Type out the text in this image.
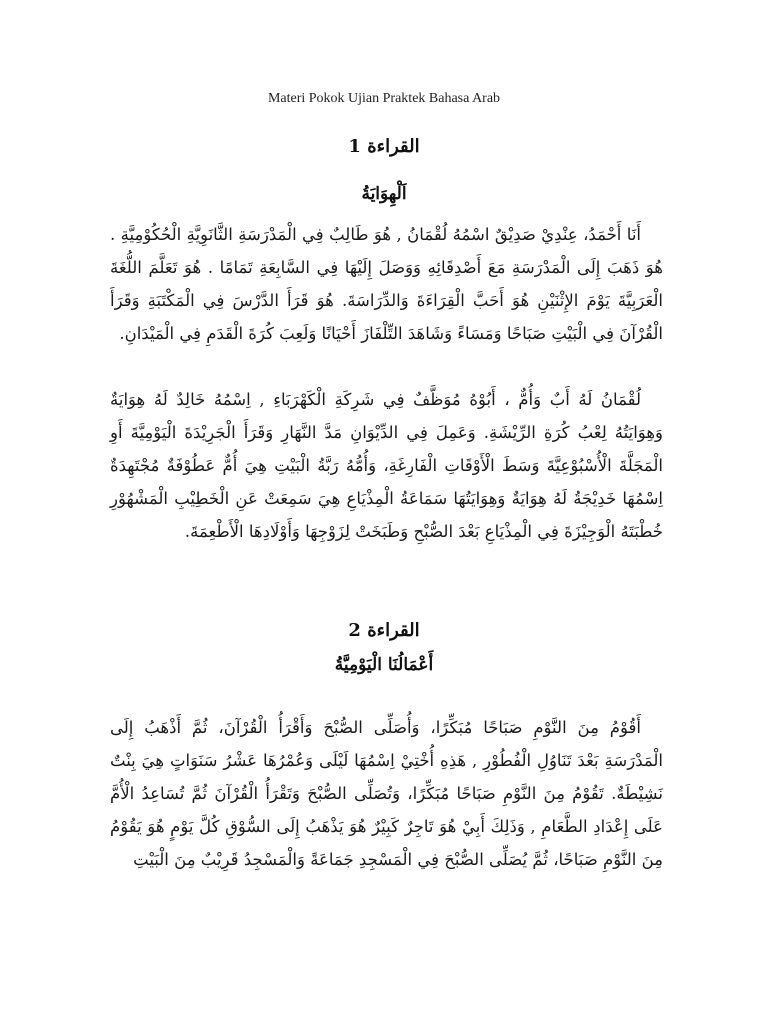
Materi Pokok Ujian Praktek Bahasa Arab
القراءة 1
اَلْهِوَايَةُ

أَنَا أَحْمَدُ، عِنْدِيْ صَدِيْقٌ اسْمُهُ لُقْمَانُ , هُوَ طَالِبٌ فِي الْمَدْرَسَةِ الثَّانَوِيَّةِ الْحُكُوْمِيَّةِ . هُوَ ذَهَبَ إِلَى الْمَدْرَسَةِ مَعَ أَصْدِقَائِهِ وَوَصَلَ إِلَيْهَا فِي السَّابِعَةِ تَمَامًا . هُوَ تَعَلَّمَ اللُّغَةَ الْعَرَبِيَّةَ يَوْمَ الإِثْنَيْنِ هُوَ أَحَبَّ الْقِرَاءَةَ وَالدِّرَاسَةَ. هُوَ قَرَأَ الدَّرْسَ فِي الْمَكْتَبَةِ وَقَرَأَ الْقُرْآنَ فِي الْبَيْتِ صَبَاحًا وَمَسَاءً وَشَاهَدَ التِّلْفَازَ أَحْيَانًا وَلَعِبَ كُرَةَ الْقَدَمِ فِي الْمَيْدَانِ.

لُقْمَانُ لَهُ أَبٌ وَأُمٌّ ، أَبُوْهُ مُوَظَّفٌ فِي شَرِكَةِ الْكَهْرَبَاءِ , اِسْمُهُ خَالِدٌ لَهُ هِوَايَةٌ وَهِوَايَتُهُ لِعْبُ كُرَةِ الرِّيْشَةِ. وَعَمِلَ فِي الدِّيْوَانِ مَدَّ النَّهَارِ وَقَرَأَ الْجَرِيْدَةَ الْيَوْمِيَّةَ أَوِ الْمَجَلَّةَ الْأُسْبُوْعِيَّةَ وَسَطَ الْأَوْقَاتِ الْفَارِغَةِ، وَأُمُّهُ رَبَّةُ الْبَيْتِ هِيَ أُمٌّ عَطُوْفَةٌ مُجْتَهِدَةٌ اِسْمُهَا خَدِيْجَةُ لَهُ هِوَايَةٌ وَهِوَايَتُهَا سَمَاعَةُ الْمِذْيَاعِ هِيَ سَمِعَتْ عَنِ الْخَطِيْبِ الْمَشْهُوْرِ خُطْبَتَهُ الْوَجِيْزَةَ فِي الْمِذْيَاعِ بَعْدَ الصُّبْحِ وَطَبَخَتْ لِزَوْجِهَا وَأَوْلَادِهَا الْأَطْعِمَةَ.

القراءة 2
أَعْمَالُنَا الْيَوْمِيَّةُ

أَقُوْمُ مِنَ النَّوْمِ صَبَاحًا مُبَكِّرًا، وَأُصَلِّى الصُّبْحَ وَأَقْرَأُ الْقُرْآنَ، ثُمَّ أَذْهَبُ إِلَى الْمَدْرَسَةِ بَعْدَ تَنَاوُلِ الْفُطُوْرِ , هَذِهِ أُخْتِيْ اِسْمُهَا لَيْلَى وَعُمْرُهَا عَشْرُ سَنَوَاتٍ هِيَ بِنْتٌ نَشِيْطَةٌ. تَقُوْمُ مِنَ النَّوْمِ صَبَاحًا مُبَكِّرًا، وَتُصَلِّى الصُّبْحَ وَتَقْرَأُ الْقُرْآنَ ثُمَّ تُسَاعِدُ الْأُمَّ عَلَى إِعْدَادِ الطَّعَامِ , وَذَلِكَ أَبِيْ هُوَ تَاجِرٌ كَبِيْرٌ هُوَ يَذْهَبُ إِلَى السُّوْقِ كُلَّ يَوْمٍ هُوَ يَقُوْمُ مِنَ النَّوْمِ صَبَاحًا، ثُمَّ يُصَلِّى الصُّبْحَ فِي الْمَسْجِدِ جَمَاعَةً وَالْمَسْجِدُ قَرِيْبٌ مِنَ الْبَيْتِ
